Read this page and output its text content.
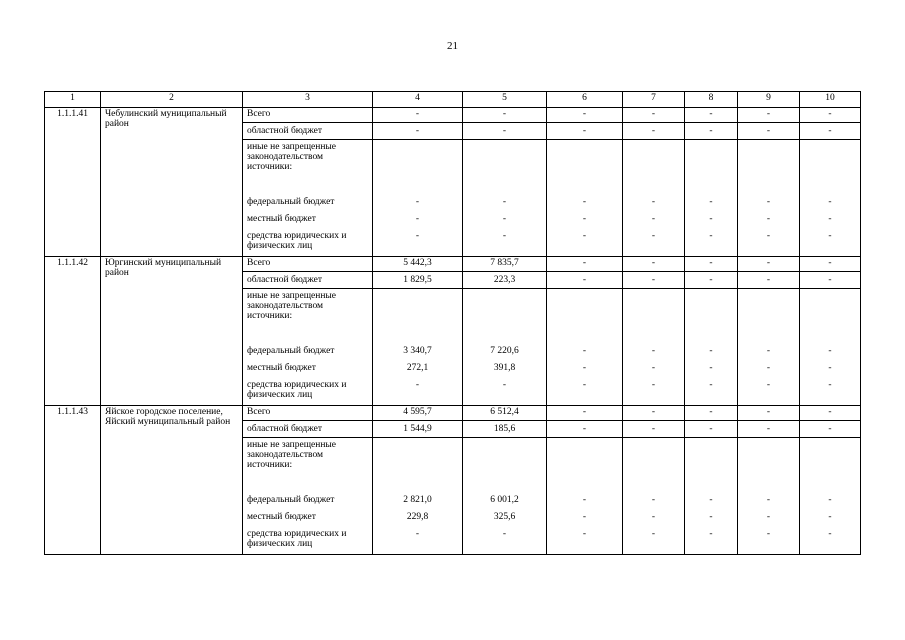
21
1	2	3	4	5	6	7	8	9	10
1.1.1.41	Чебулинский муниципальный район	Всего	-	-	-	-	-	-	-
		областной бюджет	-	-	-	-	-	-	-
		иные не запрещенные законодательством источники:							
		федеральный бюджет	-	-	-	-	-	-	-
		местный бюджет	-	-	-	-	-	-	-
		средства юридических и физических лиц	-	-	-	-	-	-	-
1.1.1.42	Юргинский муниципальный район	Всего	5 442,3	7 835,7	-	-	-	-	-
		областной бюджет	1 829,5	223,3	-	-	-	-	-
		иные не запрещенные законодательством источники:							
		федеральный бюджет	3 340,7	7 220,6	-	-	-	-	-
		местный бюджет	272,1	391,8	-	-	-	-	-
		средства юридических и физических лиц	-	-	-	-	-	-	-
1.1.1.43	Яйское городское поселение, Яйский муниципальный район	Всего	4 595,7	6 512,4	-	-	-	-	-
		областной бюджет	1 544,9	185,6	-	-	-	-	-
		иные не запрещенные законодательством источники:							
		федеральный бюджет	2 821,0	6 001,2	-	-	-	-	-
		местный бюджет	229,8	325,6	-	-	-	-	-
		средства юридических и физических лиц	-	-	-	-	-	-	-
